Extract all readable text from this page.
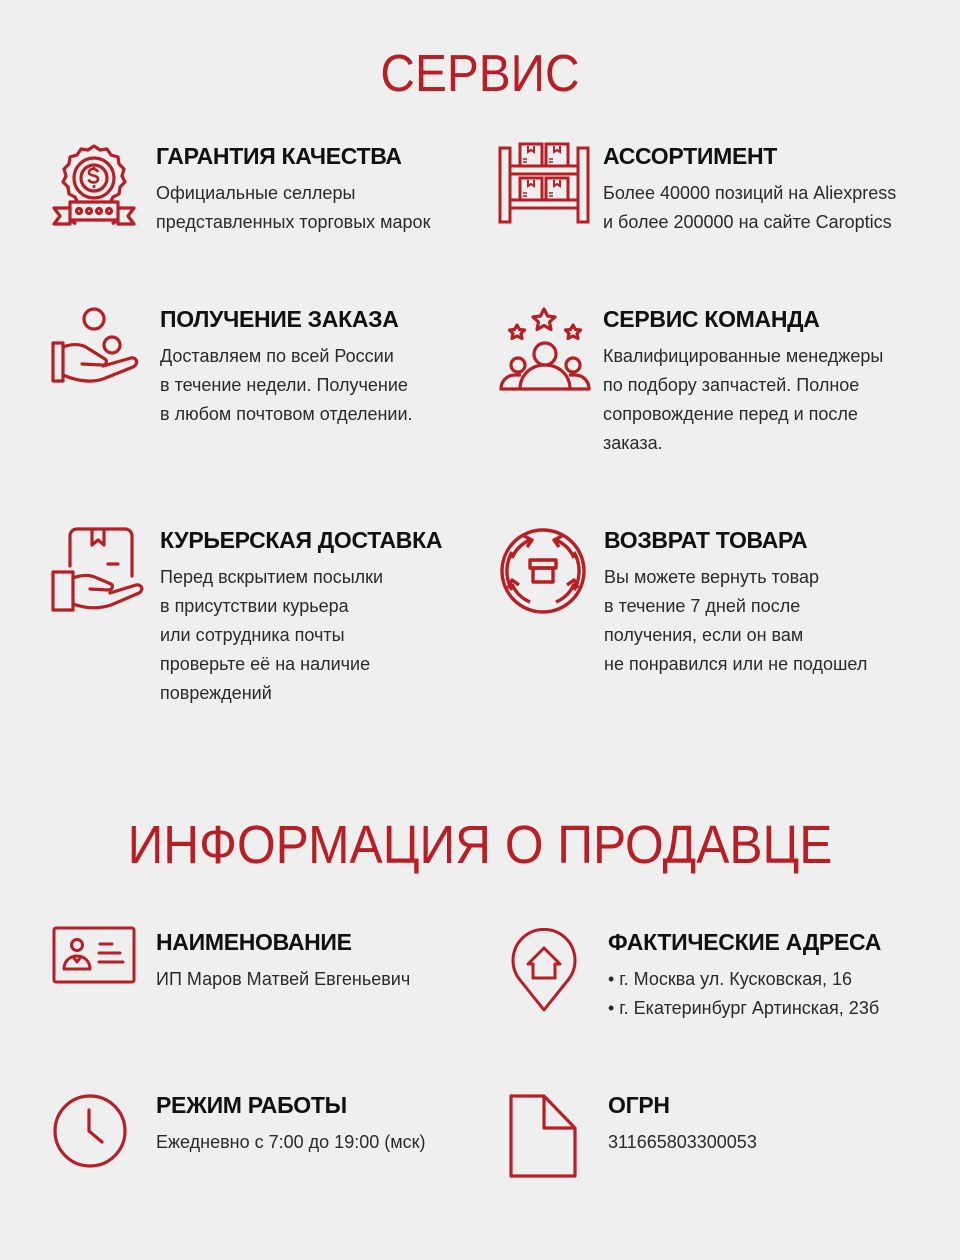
СЕРВИС
ГАРАНТИЯ КАЧЕСТВА
Официальные селлеры
представленных торговых марок
АССОРТИМЕНТ
Более 40000 позиций на Aliexpress
и более 200000 на сайте Caroptics
ПОЛУЧЕНИЕ ЗАКАЗА
Доставляем по всей России
в течение недели. Получение
в любом почтовом отделении.
СЕРВИС КОМАНДА
Квалифицированные менеджеры
по подбору запчастей. Полное
сопровождение перед и после
заказа.
КУРЬЕРСКАЯ ДОСТАВКА
Перед вскрытием посылки
в присутствии курьера
или сотрудника почты
проверьте её на наличие
повреждений
ВОЗВРАТ ТОВАРА
Вы можете вернуть товар
в течение 7 дней после
получения, если он вам
не понравился или не подошел
ИНФОРМАЦИЯ О ПРОДАВЦЕ
НАИМЕНОВАНИЕ
ИП Маров Матвей Евгеньевич
ФАКТИЧЕСКИЕ АДРЕСА
• г. Москва ул. Кусковская, 16
• г. Екатеринбург Артинская, 23б
РЕЖИМ РАБОТЫ
Ежедневно с 7:00 до 19:00 (мск)
ОГРН
311665803300053
